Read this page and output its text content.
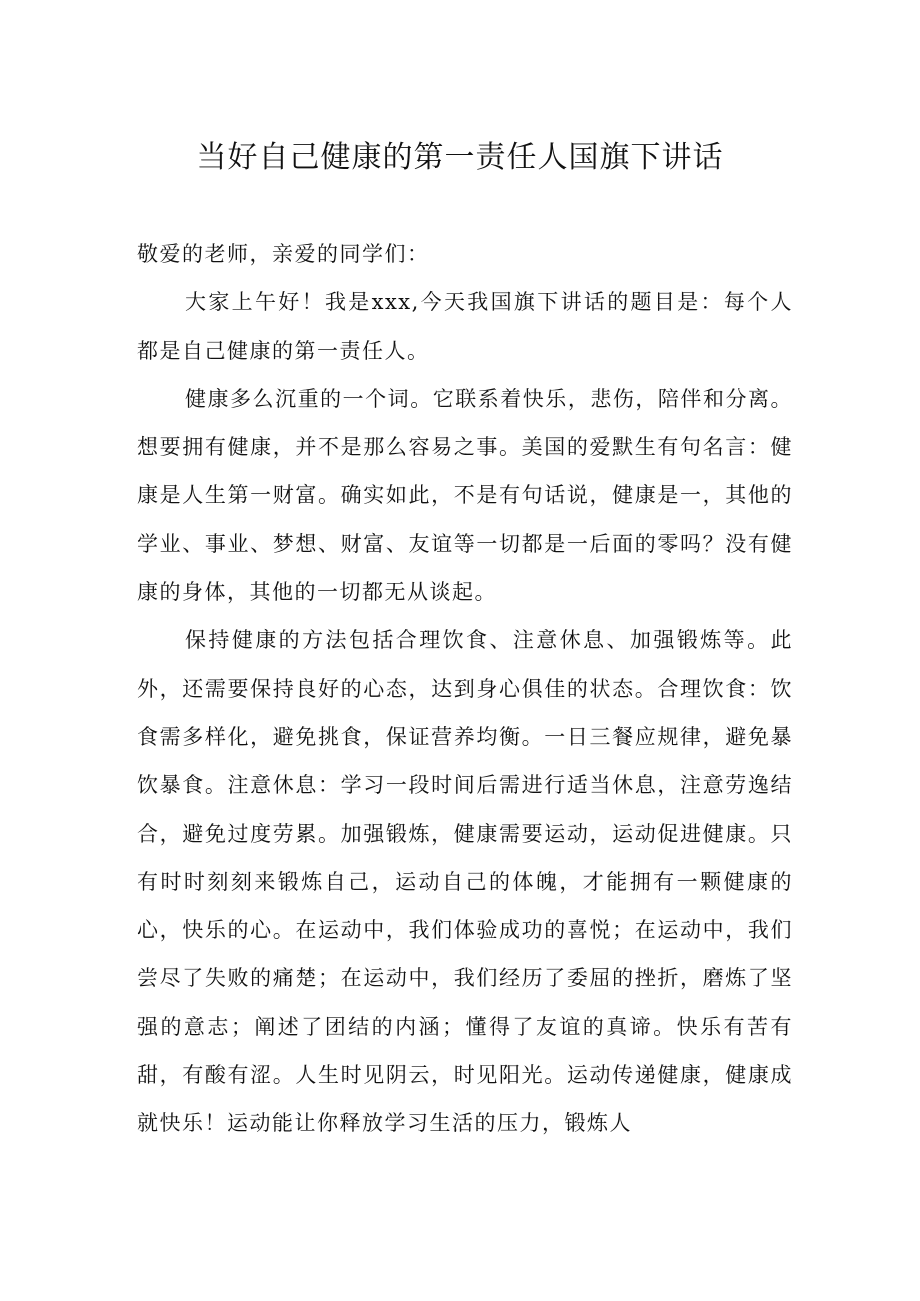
当好自己健康的第一责任人国旗下讲话

敬爱的老师，亲爱的同学们：

大家上午好！我是xxx,今天我国旗下讲话的题目是：每个人都是自己健康的第一责任人。

健康多么沉重的一个词。它联系着快乐，悲伤，陪伴和分离。想要拥有健康，并不是那么容易之事。美国的爱默生有句名言：健康是人生第一财富。确实如此，不是有句话说，健康是一，其他的学业、事业、梦想、财富、友谊等一切都是一后面的零吗？没有健康的身体，其他的一切都无从谈起。

保持健康的方法包括合理饮食、注意休息、加强锻炼等。此外，还需要保持良好的心态，达到身心俱佳的状态。合理饮食：饮食需多样化，避免挑食，保证营养均衡。一日三餐应规律，避免暴饮暴食。注意休息：学习一段时间后需进行适当休息，注意劳逸结合，避免过度劳累。加强锻炼，健康需要运动，运动促进健康。只有时时刻刻来锻炼自己，运动自己的体魄，才能拥有一颗健康的心，快乐的心。在运动中，我们体验成功的喜悦；在运动中，我们尝尽了失败的痛楚；在运动中，我们经历了委屈的挫折，磨炼了坚强的意志；阐述了团结的内涵；懂得了友谊的真谛。快乐有苦有甜，有酸有涩。人生时见阴云，时见阳光。运动传递健康，健康成就快乐！运动能让你释放学习生活的压力，锻炼人
